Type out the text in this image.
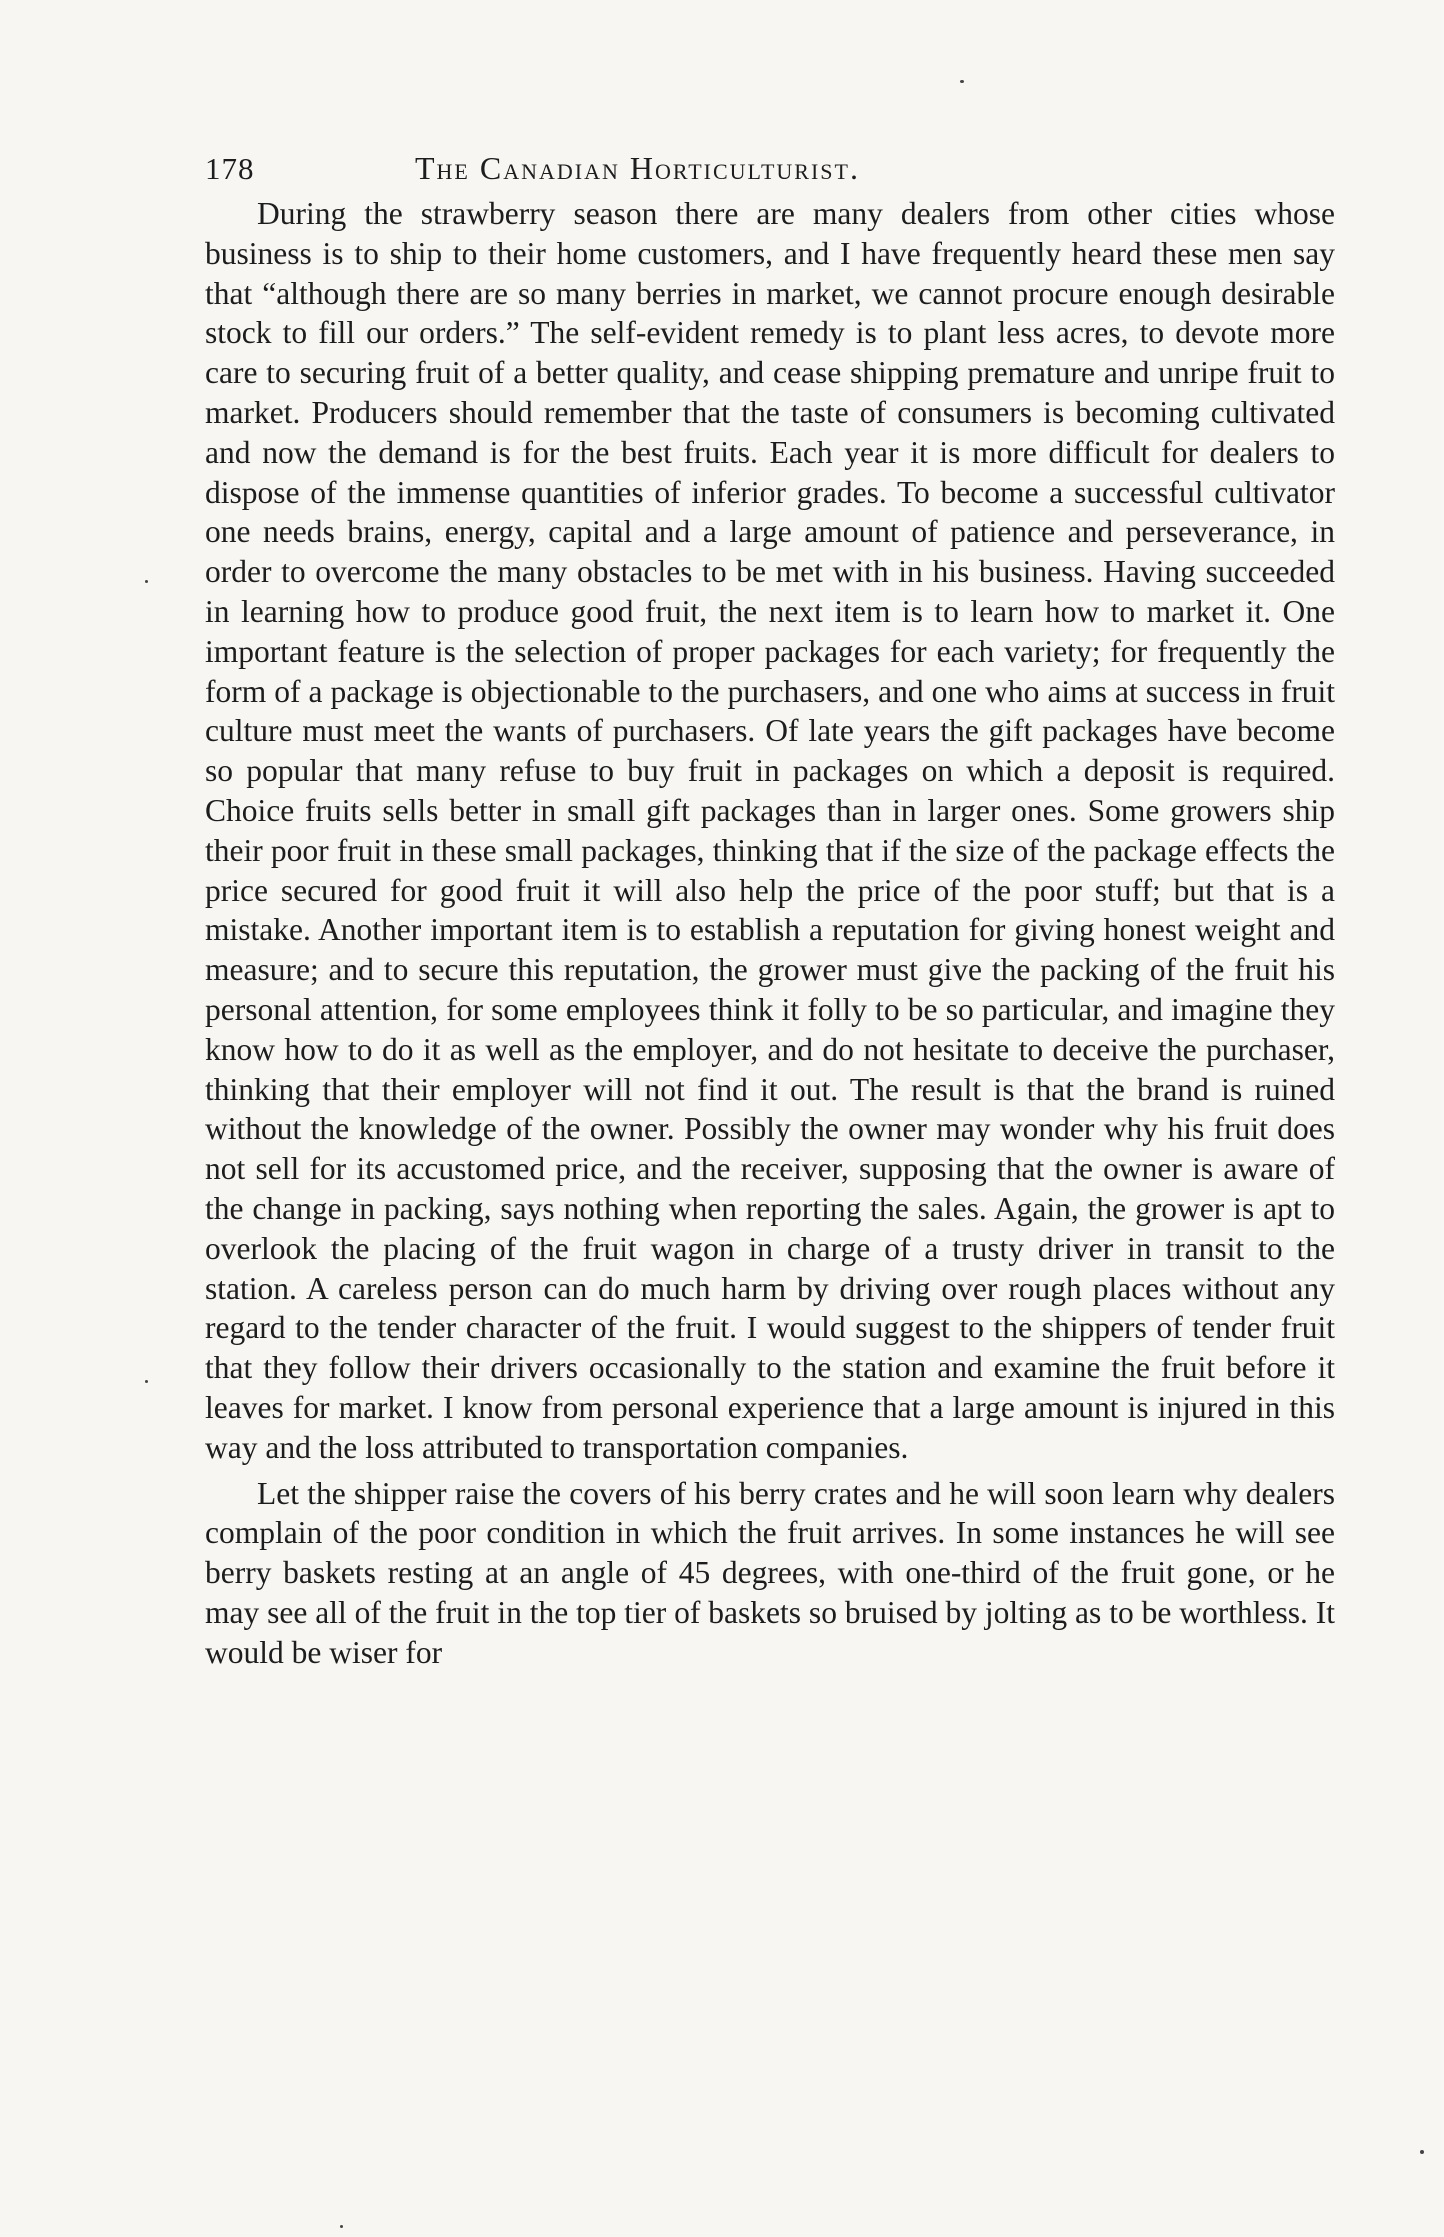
178	The Canadian Horticulturist.

During the strawberry season there are many dealers from other cities whose business is to ship to their home customers, and I have frequently heard these men say that “although there are so many berries in market, we cannot procure enough desirable stock to fill our orders.” The self-evident remedy is to plant less acres, to devote more care to securing fruit of a better quality, and cease shipping premature and unripe fruit to market. Producers should remember that the taste of consumers is becoming cultivated and now the demand is for the best fruits. Each year it is more difficult for dealers to dispose of the immense quantities of inferior grades. To become a successful cultivator one needs brains, energy, capital and a large amount of patience and perseverance, in order to overcome the many obstacles to be met with in his business. Having succeeded in learning how to produce good fruit, the next item is to learn how to market it. One important feature is the selection of proper packages for each variety; for frequently the form of a package is objectionable to the purchasers, and one who aims at success in fruit culture must meet the wants of purchasers. Of late years the gift packages have become so popular that many refuse to buy fruit in packages on which a deposit is required. Choice fruits sells better in small gift packages than in larger ones. Some growers ship their poor fruit in these small packages, thinking that if the size of the package effects the price secured for good fruit it will also help the price of the poor stuff; but that is a mistake. Another important item is to establish a reputation for giving honest weight and measure; and to secure this reputation, the grower must give the packing of the fruit his personal attention, for some employees think it folly to be so particular, and imagine they know how to do it as well as the employer, and do not hesitate to deceive the purchaser, thinking that their employer will not find it out. The result is that the brand is ruined without the knowledge of the owner. Possibly the owner may wonder why his fruit does not sell for its accustomed price, and the receiver, supposing that the owner is aware of the change in packing, says nothing when reporting the sales. Again, the grower is apt to overlook the placing of the fruit wagon in charge of a trusty driver in transit to the station. A careless person can do much harm by driving over rough places without any regard to the tender character of the fruit. I would suggest to the shippers of tender fruit that they follow their drivers occasionally to the station and examine the fruit before it leaves for market. I know from personal experience that a large amount is injured in this way and the loss attributed to transportation companies.

Let the shipper raise the covers of his berry crates and he will soon learn why dealers complain of the poor condition in which the fruit arrives. In some instances he will see berry baskets resting at an angle of 45 degrees, with one-third of the fruit gone, or he may see all of the fruit in the top tier of baskets so bruised by jolting as to be worthless. It would be wiser for
